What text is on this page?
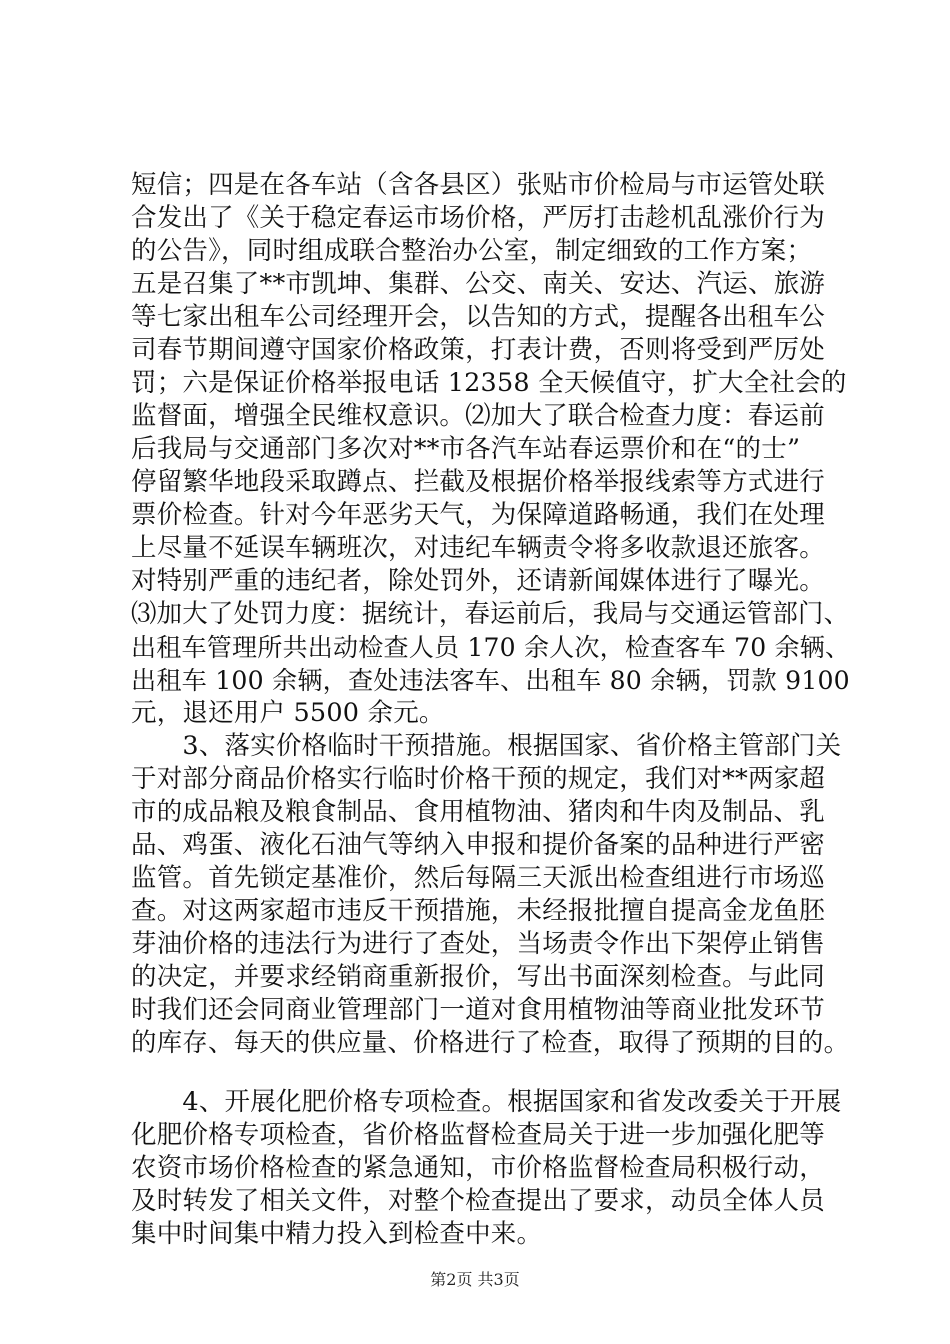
短信；四是在各车站（含各县区）张贴市价检局与市运管处联
合发出了《关于稳定春运市场价格，严厉打击趁机乱涨价行为
的公告》，同时组成联合整治办公室，制定细致的工作方案；
五是召集了**市凯坤、集群、公交、南关、安达、汽运、旅游
等七家出租车公司经理开会，以告知的方式，提醒各出租车公
司春节期间遵守国家价格政策，打表计费，否则将受到严厉处
罚；六是保证价格举报电话 12358 全天候值守，扩大全社会的
监督面，增强全民维权意识。⑵加大了联合检查力度：春运前
后我局与交通部门多次对**市各汽车站春运票价和在“的士”
停留繁华地段采取蹲点、拦截及根据价格举报线索等方式进行
票价检查。针对今年恶劣天气，为保障道路畅通，我们在处理
上尽量不延误车辆班次，对违纪车辆责令将多收款退还旅客。
对特别严重的违纪者，除处罚外，还请新闻媒体进行了曝光。
⑶加大了处罚力度：据统计，春运前后，我局与交通运管部门、
出租车管理所共出动检查人员 170 余人次，检查客车 70 余辆、
出租车 100 余辆，查处违法客车、出租车 80 余辆，罚款 9100
元，退还用户 5500 余元。
　　3、落实价格临时干预措施。根据国家、省价格主管部门关
于对部分商品价格实行临时价格干预的规定，我们对**两家超
市的成品粮及粮食制品、食用植物油、猪肉和牛肉及制品、乳
品、鸡蛋、液化石油气等纳入申报和提价备案的品种进行严密
监管。首先锁定基准价，然后每隔三天派出检查组进行市场巡
查。对这两家超市违反干预措施，未经报批擅自提高金龙鱼胚
芽油价格的违法行为进行了查处，当场责令作出下架停止销售
的决定，并要求经销商重新报价，写出书面深刻检查。与此同
时我们还会同商业管理部门一道对食用植物油等商业批发环节
的库存、每天的供应量、价格进行了检查，取得了预期的目的。
　　4、开展化肥价格专项检查。根据国家和省发改委关于开展
化肥价格专项检查，省价格监督检查局关于进一步加强化肥等
农资市场价格检查的紧急通知，市价格监督检查局积极行动，
及时转发了相关文件，对整个检查提出了要求，动员全体人员
集中时间集中精力投入到检查中来。
第2页 共3页
